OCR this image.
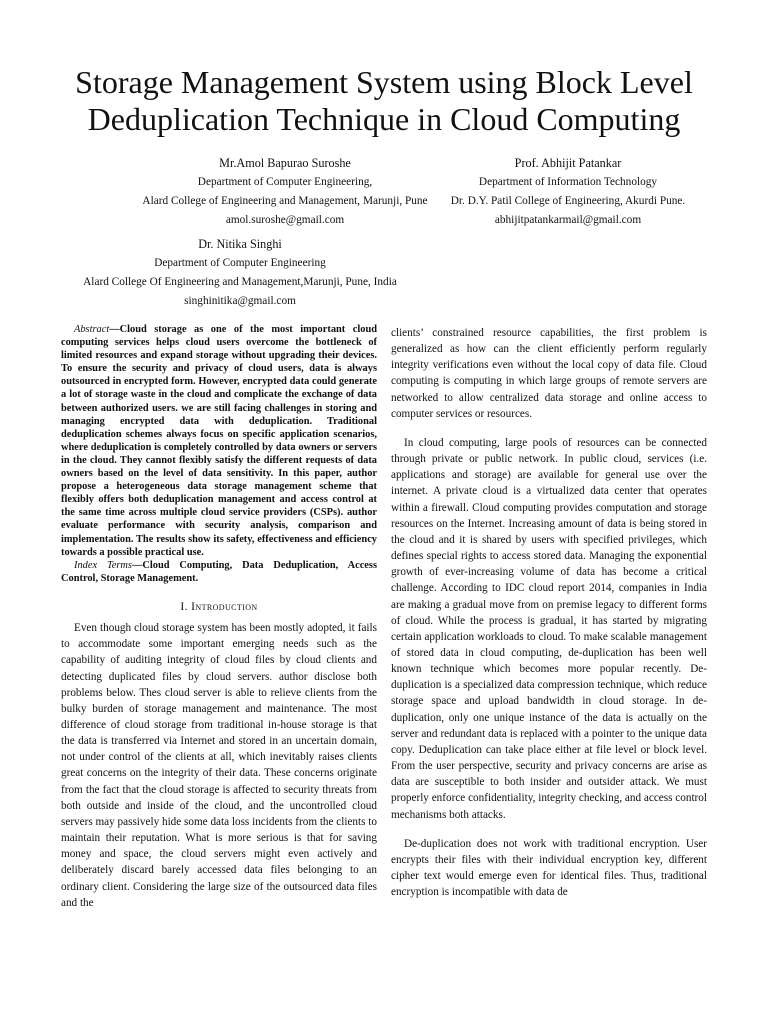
Storage Management System using Block Level Deduplication Technique in Cloud Computing
Mr.Amol Bapurao Suroshe
Department of Computer Engineering,
Alard College of Engineering and Management, Marunji, Pune
amol.suroshe@gmail.com
Prof. Abhijit Patankar
Department of Information Technology
Dr. D.Y. Patil College of Engineering, Akurdi Pune.
abhijitpatankarmail@gmail.com
Dr. Nitika Singhi
Department of Computer Engineering
Alard College Of Engineering and Management,Marunji, Pune, India
singhinitika@gmail.com

Abstract—Cloud storage as one of the most important cloud computing services helps cloud users overcome the bottleneck of limited resources and expand storage without upgrading their devices. To ensure the security and privacy of cloud users, data is always outsourced in encrypted form. However, encrypted data could generate a lot of storage waste in the cloud and complicate the exchange of data between authorized users. we are still facing challenges in storing and managing encrypted data with deduplication. Traditional deduplication schemes always focus on specific application scenarios, where deduplication is completely controlled by data owners or servers in the cloud. They cannot flexibly satisfy the different requests of data owners based on the level of data sensitivity. In this paper, author propose a heterogeneous data storage management scheme that flexibly offers both deduplication management and access control at the same time across multiple cloud service providers (CSPs). author evaluate performance with security analysis, comparison and implementation. The results show its safety, effectiveness and efficiency towards a possible practical use.

Index Terms—Cloud Computing, Data Deduplication, Access Control, Storage Management.

I. Introduction

Even though cloud storage system has been mostly adopted, it fails to accommodate some important emerging needs such as the capability of auditing integrity of cloud files by cloud clients and detecting duplicated files by cloud servers. author disclose both problems below. Thes cloud server is able to relieve clients from the bulky burden of storage management and maintenance. The most difference of cloud storage from traditional in-house storage is that the data is transferred via Internet and stored in an uncertain domain, not under control of the clients at all, which inevitably raises clients great concerns on the integrity of their data. These concerns originate from the fact that the cloud storage is affected to security threats from both outside and inside of the cloud, and the uncontrolled cloud servers may passively hide some data loss incidents from the clients to maintain their reputation. What is more serious is that for saving money and space, the cloud servers might even actively and deliberately discard barely accessed data files belonging to an ordinary client. Considering the large size of the outsourced data files and the

clients’ constrained resource capabilities, the first problem is generalized as how can the client efficiently perform regularly integrity verifications even without the local copy of data file. Cloud computing is computing in which large groups of remote servers are networked to allow centralized data storage and online access to computer services or resources.

In cloud computing, large pools of resources can be connected through private or public network. In public cloud, services (i.e. applications and storage) are available for general use over the internet. A private cloud is a virtualized data center that operates within a firewall. Cloud computing provides computation and storage resources on the Internet. Increasing amount of data is being stored in the cloud and it is shared by users with specified privileges, which defines special rights to access stored data. Managing the exponential growth of ever-increasing volume of data has become a critical challenge. According to IDC cloud report 2014, companies in India are making a gradual move from on premise legacy to different forms of cloud. While the process is gradual, it has started by migrating certain application workloads to cloud. To make scalable management of stored data in cloud computing, de-duplication has been well known technique which becomes more popular recently. De-duplication is a specialized data compression technique, which reduce storage space and upload bandwidth in cloud storage. In de-duplication, only one unique instance of the data is actually on the server and redundant data is replaced with a pointer to the unique data copy. Deduplication can take place either at file level or block level. From the user perspective, security and privacy concerns are arise as data are susceptible to both insider and outsider attack. We must properly enforce confidentiality, integrity checking, and access control mechanisms both attacks.

De-duplication does not work with traditional encryption. User encrypts their files with their individual encryption key, different cipher text would emerge even for identical files. Thus, traditional encryption is incompatible with data de
